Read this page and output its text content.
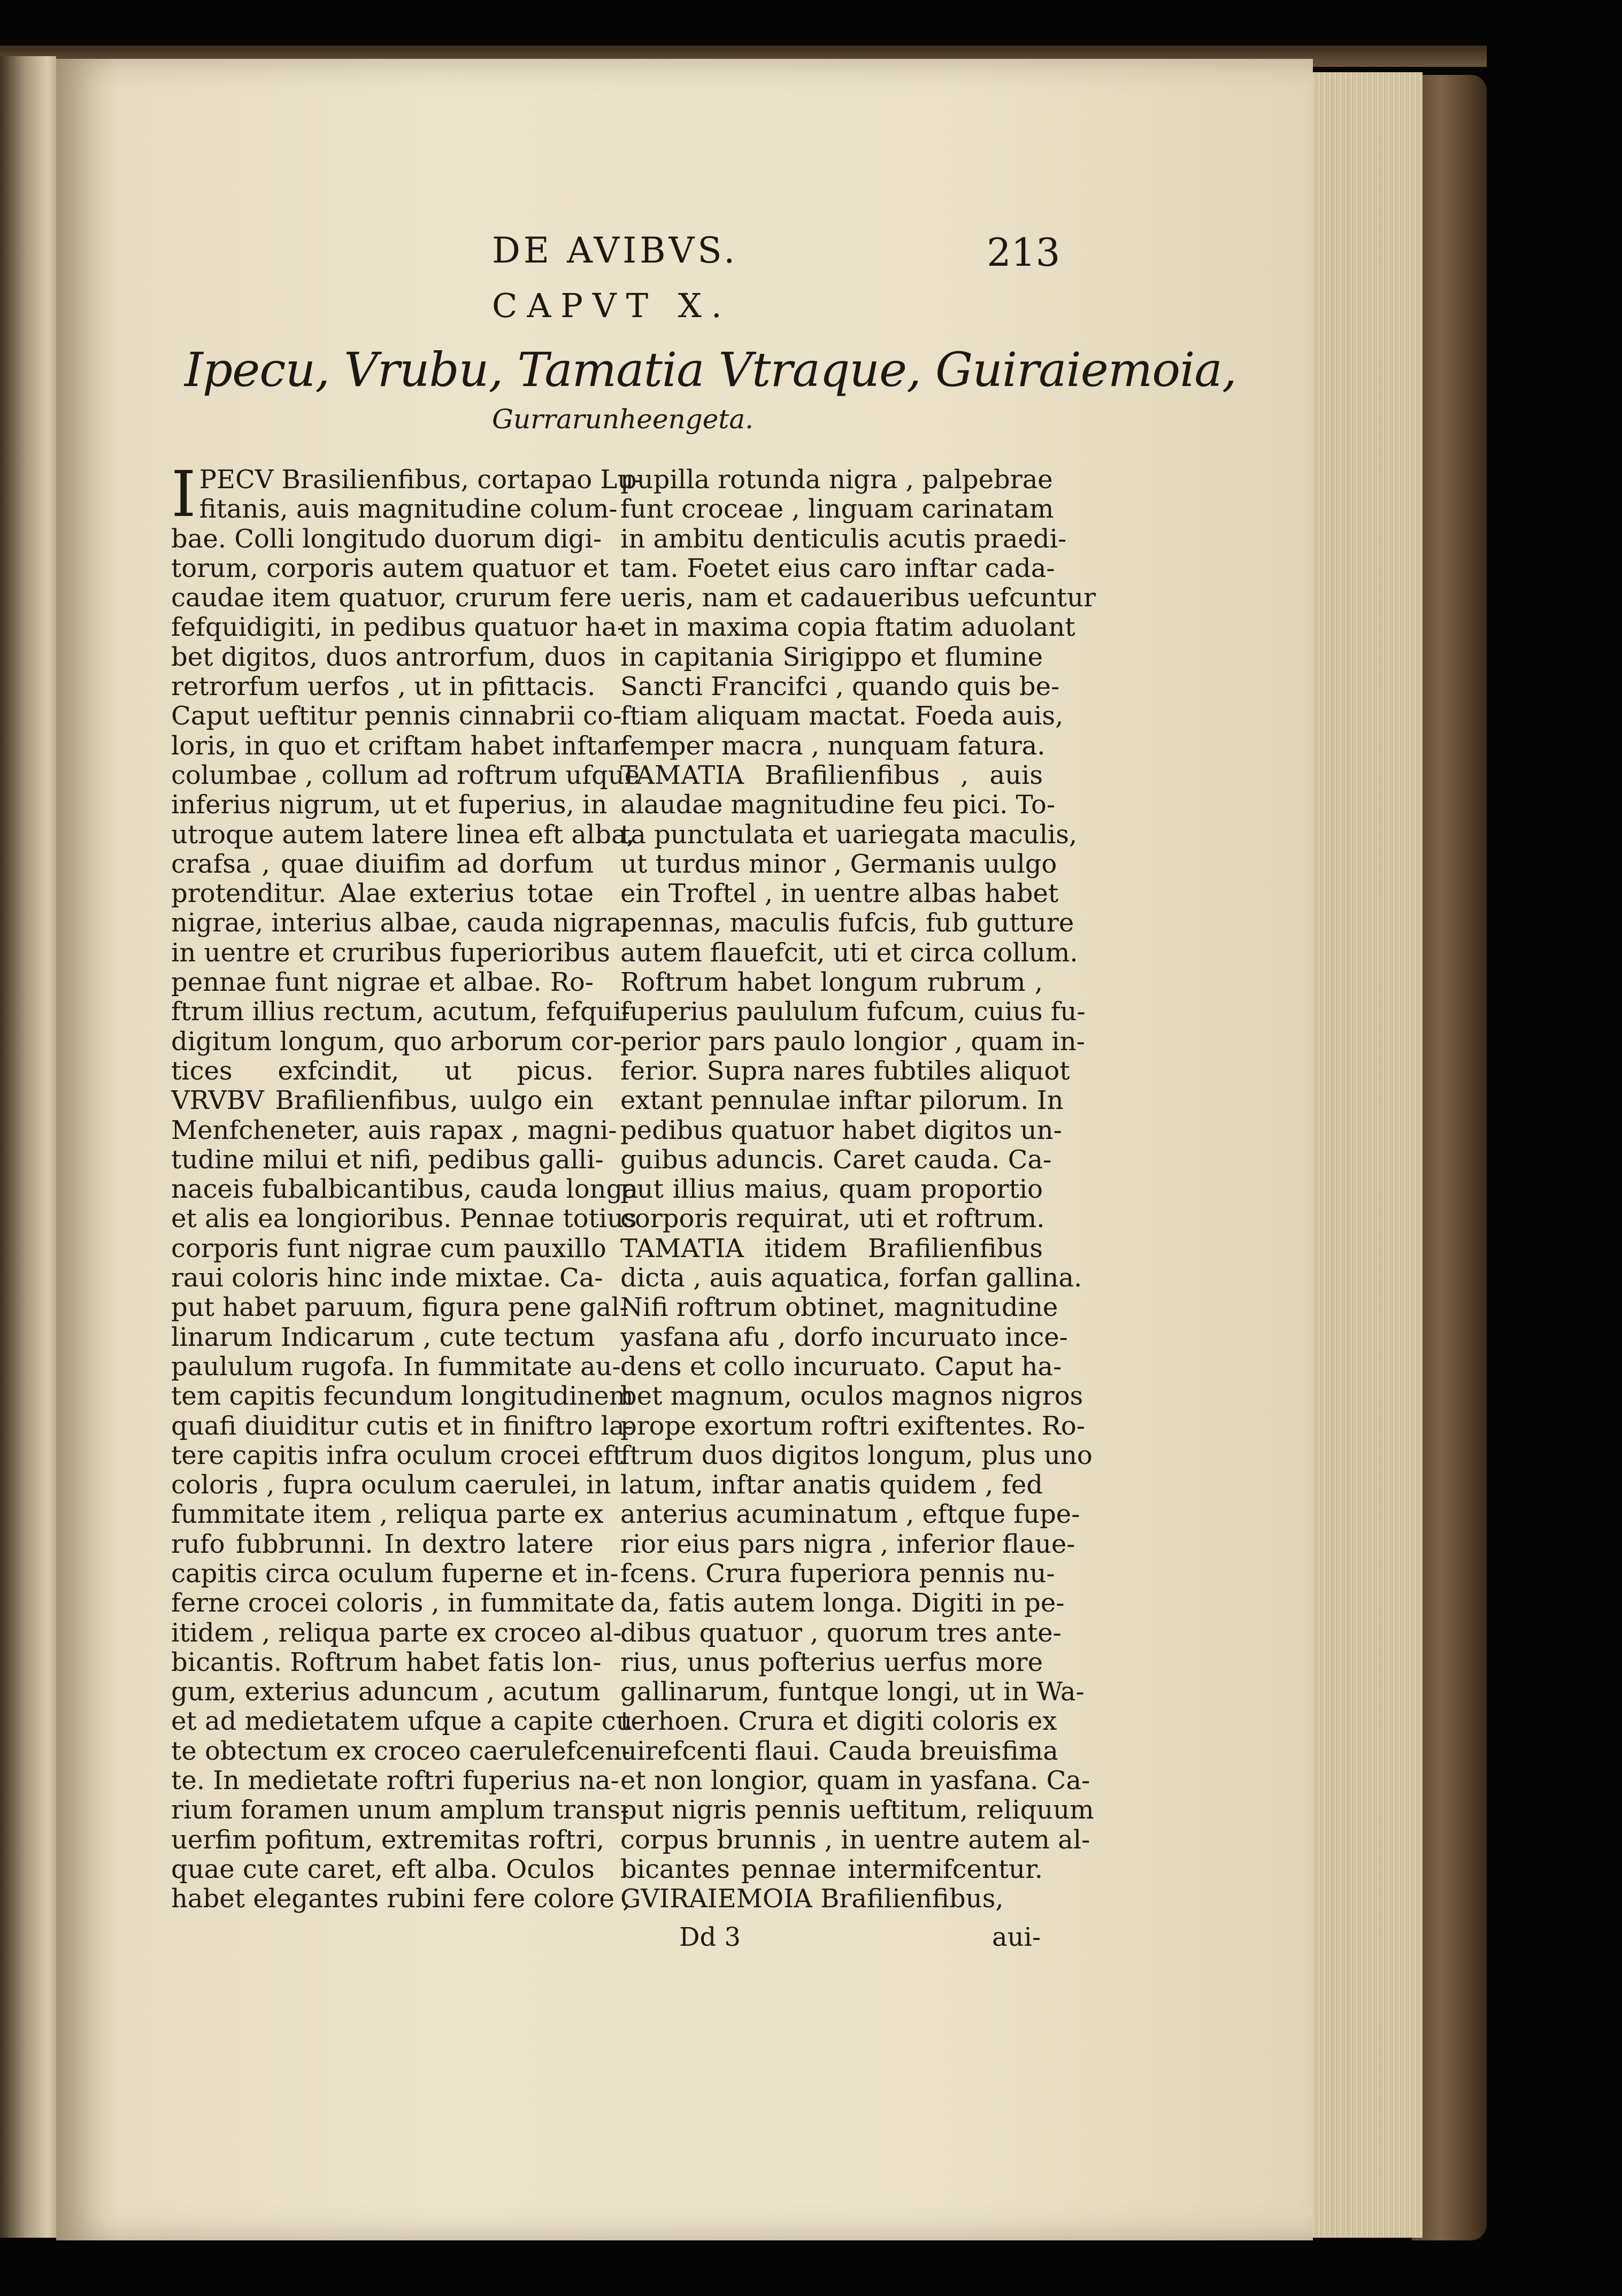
DE AVIBVS.	213
CAPVT X.
Ipecu, Vrubu, Tamatia Vtraque, Guiraiemoia,
Gurrarunheengeta.
I PECV Brasilienfibus, cortapao Lu-
fitanis, auis magnitudine colum-
bae. Colli longitudo duorum digi-
torum, corporis autem quatuor et
caudae item quatuor, crurum fere
fefquidigiti, in pedibus quatuor ha-
bet digitos, duos antrorfum, duos
retrorfum uerfos , ut in pfittacis.
Caput ueftitur pennis cinnabrii co-
loris, in quo et criftam habet inftar
columbae , collum ad roftrum ufque
inferius nigrum, ut et fuperius, in
utroque autem latere linea eft alba,
crafsa , quae diuifim ad dorfum
protenditur. Alae exterius totae
nigrae, interius albae, cauda nigra,
in uentre et cruribus fuperioribus
pennae funt nigrae et albae. Ro-
ftrum illius rectum, acutum, fefqui-
digitum longum, quo arborum cor-
tices exfcindit, ut picus.
VRVBV Brafilienfibus, uulgo ein
Menfcheneter, auis rapax , magni-
tudine milui et nifi, pedibus galli-
naceis fubalbicantibus, cauda longa
et alis ea longioribus. Pennae totius
corporis funt nigrae cum pauxillo
raui coloris hinc inde mixtae. Ca-
put habet paruum, figura pene gal-
linarum Indicarum , cute tectum
paululum rugofa. In fummitate au-
tem capitis fecundum longitudinem
quafi diuiditur cutis et in finiftro la-
tere capitis infra oculum crocei eft
coloris , fupra oculum caerulei, in
fummitate item , reliqua parte ex
rufo fubbrunni. In dextro latere
capitis circa oculum fuperne et in-
ferne crocei coloris , in fummitate
itidem , reliqua parte ex croceo al-
bicantis. Roftrum habet fatis lon-
gum, exterius aduncum , acutum
et ad medietatem ufque a capite cu-
te obtectum ex croceo caerulefcen-
te. In medietate roftri fuperius na-
rium foramen unum amplum trans-
uerfim pofitum, extremitas roftri,
quae cute caret, eft alba. Oculos
habet elegantes rubini fere colore ,
pupilla rotunda nigra , palpebrae
funt croceae , linguam carinatam
in ambitu denticulis acutis praedi-
tam. Foetet eius caro inftar cada-
ueris, nam et cadaueribus uefcuntur
et in maxima copia ftatim aduolant
in capitania Sirigippo et flumine
Sancti Francifci , quando quis be-
ftiam aliquam mactat. Foeda auis,
femper macra , nunquam fatura.
TAMATIA Brafilienfibus , auis
alaudae magnitudine feu pici. To-
ta punctulata et uariegata maculis,
ut turdus minor , Germanis uulgo
ein Troftel , in uentre albas habet
pennas, maculis fufcis, fub gutture
autem flauefcit, uti et circa collum.
Roftrum habet longum rubrum ,
fuperius paululum fufcum, cuius fu-
perior pars paulo longior , quam in-
ferior. Supra nares fubtiles aliquot
extant pennulae inftar pilorum. In
pedibus quatuor habet digitos un-
guibus aduncis. Caret cauda. Ca-
put illius maius, quam proportio
corporis requirat, uti et roftrum.
TAMATIA itidem Brafilienfibus
dicta , auis aquatica, forfan gallina.
Nifi roftrum obtinet, magnitudine
yasfana afu , dorfo incuruato ince-
dens et collo incuruato. Caput ha-
bet magnum, oculos magnos nigros
prope exortum roftri exiftentes. Ro-
ftrum duos digitos longum, plus uno
latum, inftar anatis quidem , fed
anterius acuminatum , eftque fupe-
rior eius pars nigra , inferior flaue-
fcens. Crura fuperiora pennis nu-
da, fatis autem longa. Digiti in pe-
dibus quatuor , quorum tres ante-
rius, unus pofterius uerfus more
gallinarum, funtque longi, ut in Wa-
terhoen. Crura et digiti coloris ex
uirefcenti flaui. Cauda breuisfima
et non longior, quam in yasfana. Ca-
put nigris pennis ueftitum, reliquum
corpus brunnis , in uentre autem al-
bicantes pennae intermifcentur.
GVIRAIEMOIA Brafilienfibus,
Dd 3	aui-
